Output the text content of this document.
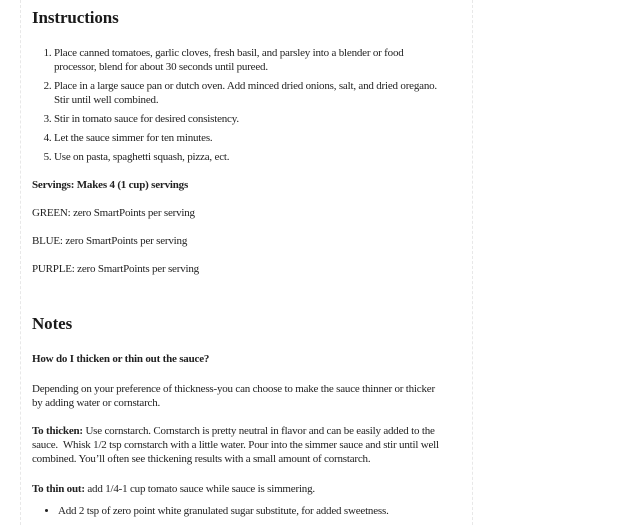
Instructions
1. Place canned tomatoes, garlic cloves, fresh basil, and parsley into a blender or food processor, blend for about 30 seconds until pureed.
2. Place in a large sauce pan or dutch oven. Add minced dried onions, salt, and dried oregano. Stir until well combined.
3. Stir in tomato sauce for desired consistency.
4. Let the sauce simmer for ten minutes.
5. Use on pasta, spaghetti squash, pizza, ect.

Servings: Makes 4 (1 cup) servings

GREEN: zero SmartPoints per serving

BLUE: zero SmartPoints per serving

PURPLE: zero SmartPoints per serving

Notes

How do I thicken or thin out the sauce?

Depending on your preference of thickness-you can choose to make the sauce thinner or thicker by adding water or cornstarch.

To thicken: Use cornstarch. Cornstarch is pretty neutral in flavor and can be easily added to the sauce.  Whisk 1/2 tsp cornstarch with a little water. Pour into the simmer sauce and stir until well combined. You’ll often see thickening results with a small amount of cornstarch.

To thin out: add 1/4-1 cup tomato sauce while sauce is simmering.

• Add 2 tsp of zero point white granulated sugar substitute, for added sweetness.
